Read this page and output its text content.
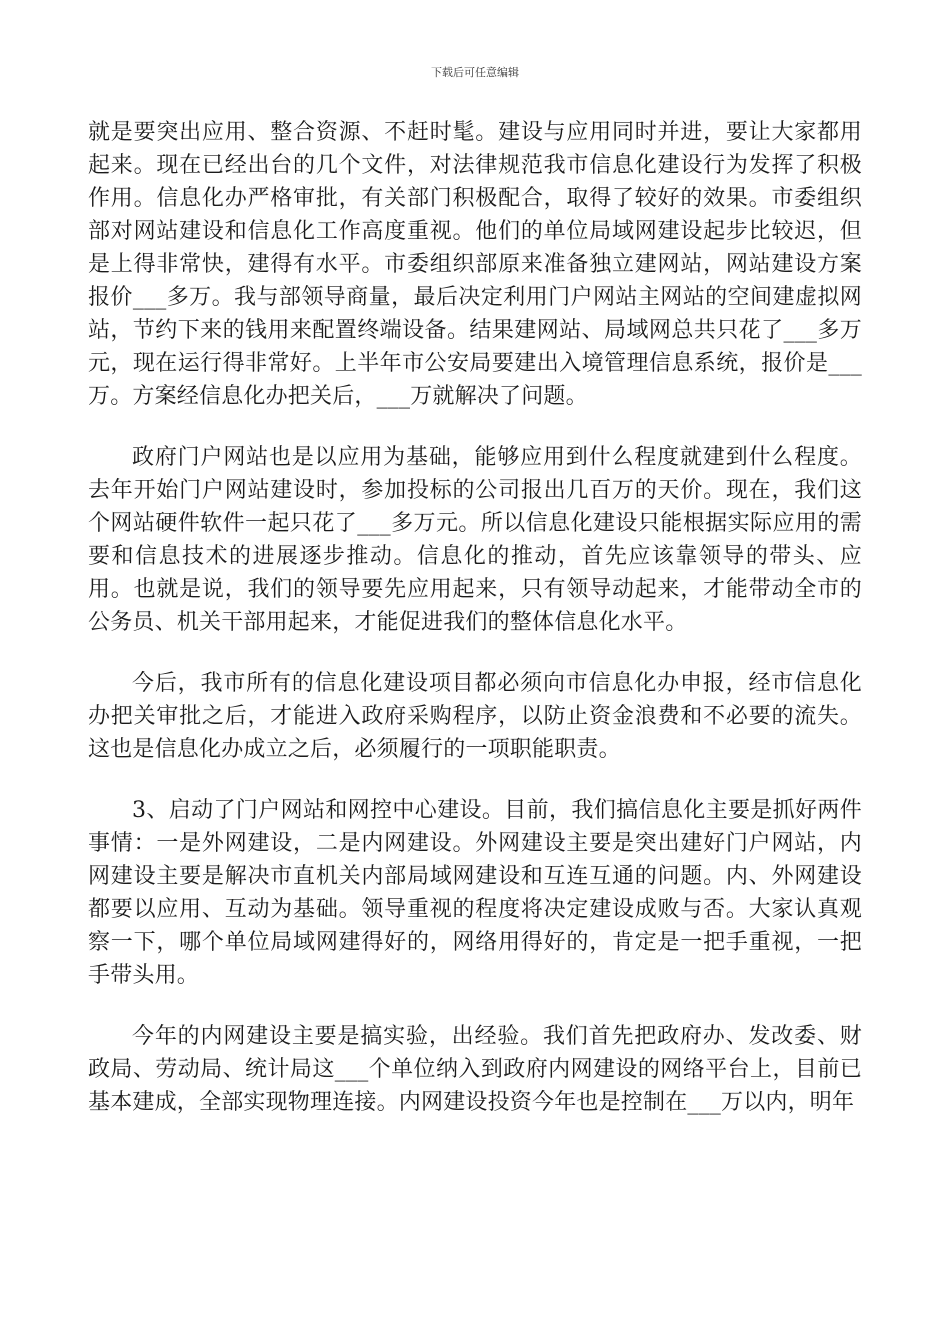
下载后可任意编辑

就是要突出应用、整合资源、不赶时髦。建设与应用同时并进，要让大家都用起来。现在已经出台的几个文件，对法律规范我市信息化建设行为发挥了积极作用。信息化办严格审批，有关部门积极配合，取得了较好的效果。市委组织部对网站建设和信息化工作高度重视。他们的单位局域网建设起步比较迟，但是上得非常快，建得有水平。市委组织部原来准备独立建网站，网站建设方案报价___多万。我与部领导商量，最后决定利用门户网站主网站的空间建虚拟网站，节约下来的钱用来配置终端设备。结果建网站、局域网总共只花了___多万元，现在运行得非常好。上半年市公安局要建出入境管理信息系统，报价是___万。方案经信息化办把关后，___万就解决了问题。

政府门户网站也是以应用为基础，能够应用到什么程度就建到什么程度。去年开始门户网站建设时，参加投标的公司报出几百万的天价。现在，我们这个网站硬件软件一起只花了___多万元。所以信息化建设只能根据实际应用的需要和信息技术的进展逐步推动。信息化的推动，首先应该靠领导的带头、应用。也就是说，我们的领导要先应用起来，只有领导动起来，才能带动全市的公务员、机关干部用起来，才能促进我们的整体信息化水平。

今后，我市所有的信息化建设项目都必须向市信息化办申报，经市信息化办把关审批之后，才能进入政府采购程序，以防止资金浪费和不必要的流失。这也是信息化办成立之后，必须履行的一项职能职责。

3、启动了门户网站和网控中心建设。目前，我们搞信息化主要是抓好两件事情：一是外网建设，二是内网建设。外网建设主要是突出建好门户网站，内网建设主要是解决市直机关内部局域网建设和互连互通的问题。内、外网建设都要以应用、互动为基础。领导重视的程度将决定建设成败与否。大家认真观察一下，哪个单位局域网建得好的，网络用得好的，肯定是一把手重视，一把手带头用。

今年的内网建设主要是搞实验，出经验。我们首先把政府办、发改委、财政局、劳动局、统计局这___个单位纳入到政府内网建设的网络平台上，目前已基本建成，全部实现物理连接。内网建设投资今年也是控制在___万以内，明年
